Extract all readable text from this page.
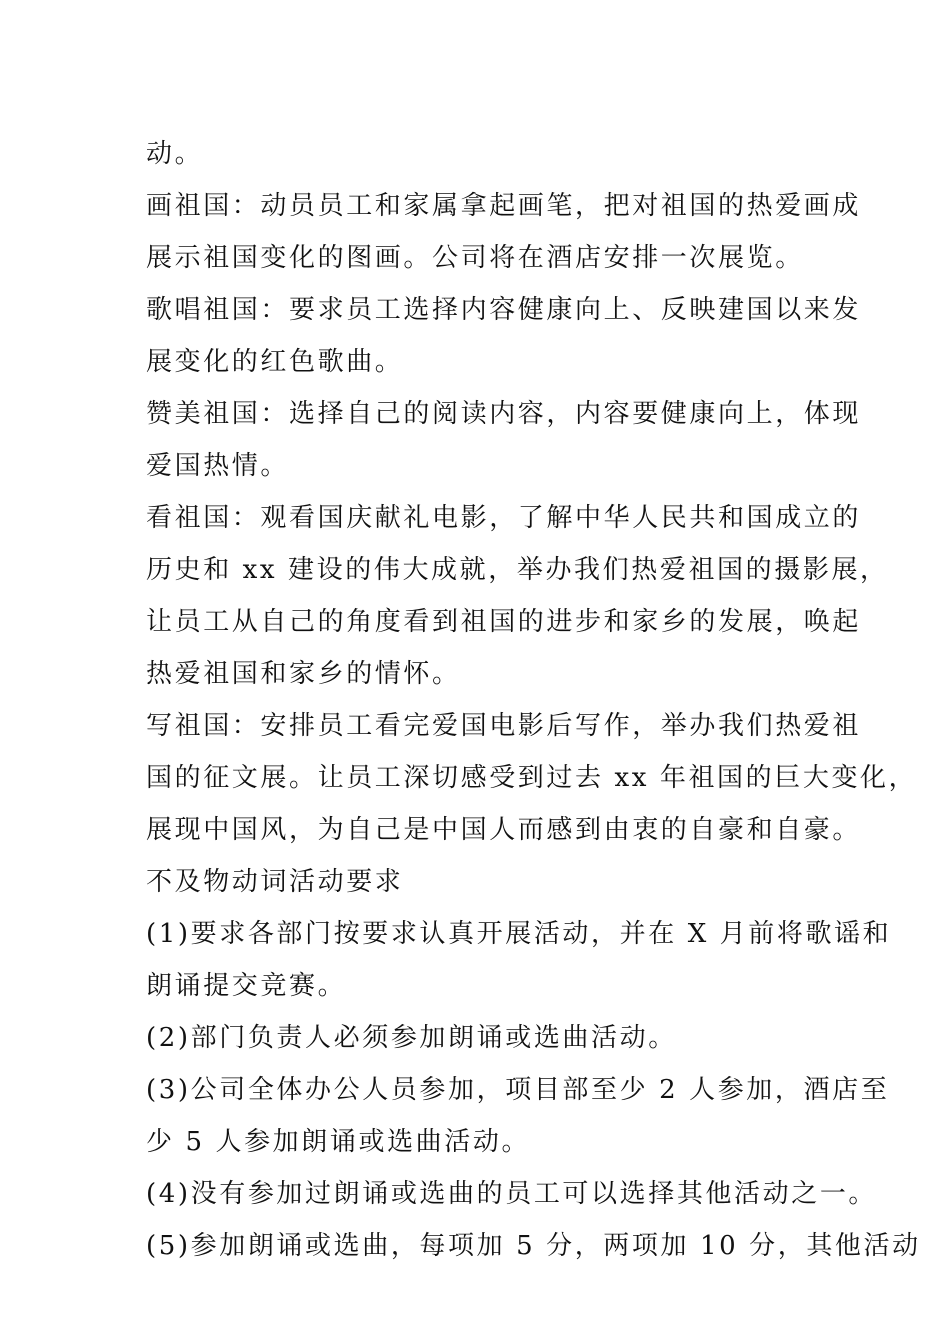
动。
画祖国：动员员工和家属拿起画笔，把对祖国的热爱画成
展示祖国变化的图画。公司将在酒店安排一次展览。
歌唱祖国：要求员工选择内容健康向上、反映建国以来发
展变化的红色歌曲。
赞美祖国：选择自己的阅读内容，内容要健康向上，体现
爱国热情。
看祖国：观看国庆献礼电影，了解中华人民共和国成立的
历史和 xx 建设的伟大成就，举办我们热爱祖国的摄影展，
让员工从自己的角度看到祖国的进步和家乡的发展，唤起
热爱祖国和家乡的情怀。
写祖国：安排员工看完爱国电影后写作，举办我们热爱祖
国的征文展。让员工深切感受到过去 xx 年祖国的巨大变化，
展现中国风，为自己是中国人而感到由衷的自豪和自豪。
不及物动词活动要求
(1)要求各部门按要求认真开展活动，并在 X 月前将歌谣和
朗诵提交竞赛。
(2)部门负责人必须参加朗诵或选曲活动。
(3)公司全体办公人员参加，项目部至少 2 人参加，酒店至
少 5 人参加朗诵或选曲活动。
(4)没有参加过朗诵或选曲的员工可以选择其他活动之一。
(5)参加朗诵或选曲，每项加 5 分，两项加 10 分，其他活动
